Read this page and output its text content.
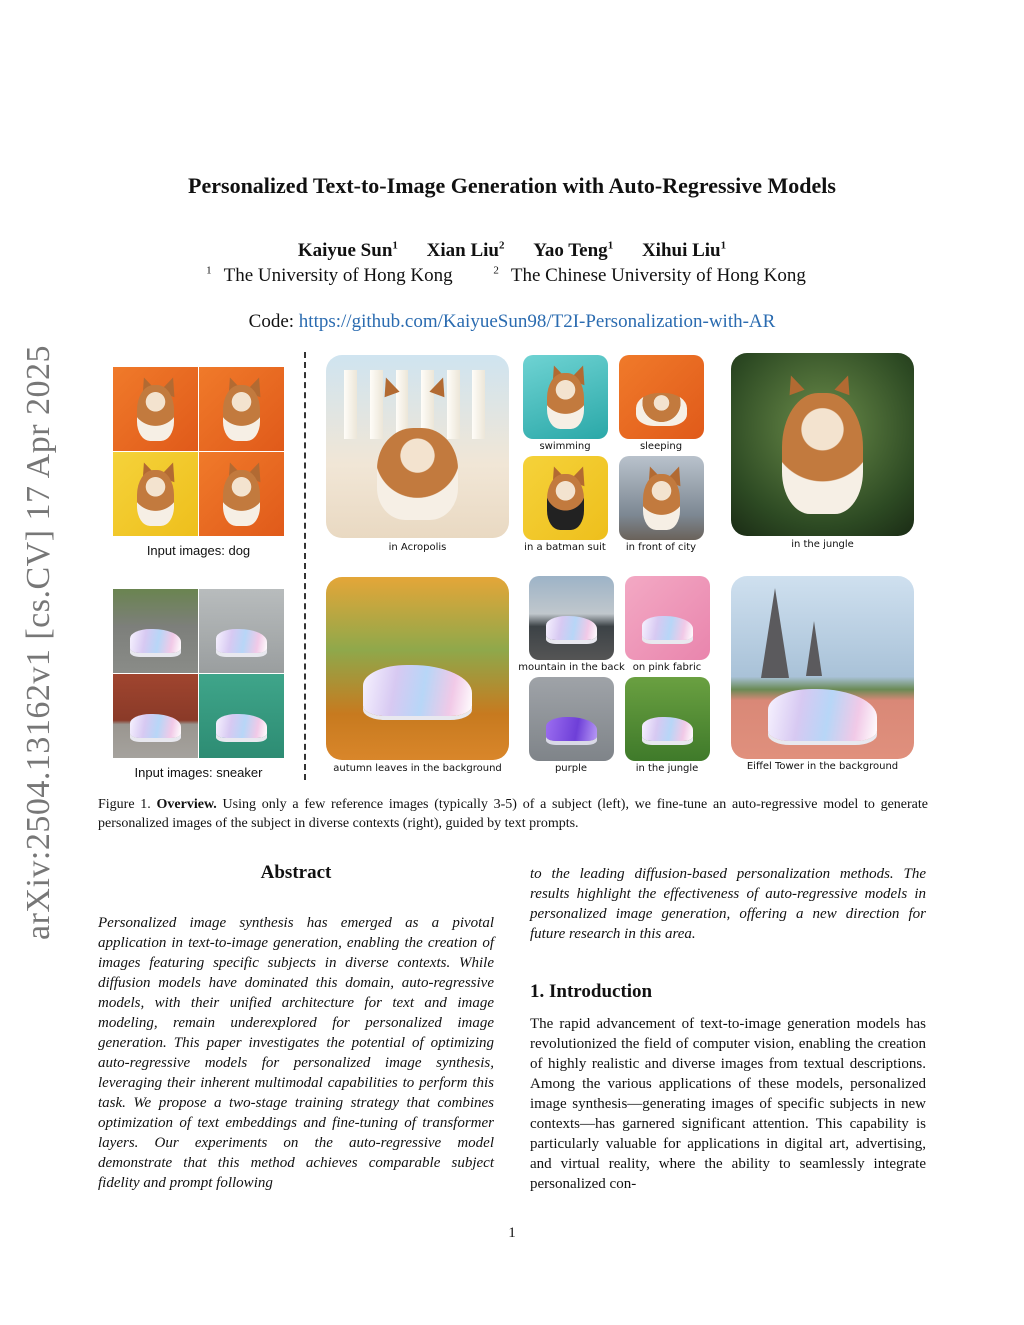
arXiv:2504.13162v1 [cs.CV] 17 Apr 2025
Personalized Text-to-Image Generation with Auto-Regressive Models
Kaiyue Sun$^1$ Xian Liu$^2$ Yao Teng$^1$ Xihui Liu$^1$
$^1$ The University of Hong Kong	$^2$ The Chinese University of Hong Kong
Code: https://github.com/KaiyueSun98/T2I-Personalization-with-AR
Input images: dog
Input images: sneaker
in Acropolis
swimming	sleeping
in a batman suit	in front of city	in the jungle
autumn leaves in the background
mountain in the back on pink fabric
purple	in the jungle	Eiffel Tower in the background
Figure 1. Overview. Using only a few reference images (typically 3-5) of a subject (left), we fine-tune an auto-regressive model to generate personalized images of the subject in diverse contexts (right), guided by text prompts.
Abstract
Personalized image synthesis has emerged as a pivotal application in text-to-image generation, enabling the creation of images featuring specific subjects in diverse contexts. While diffusion models have dominated this domain, auto-regressive models, with their unified architecture for text and image modeling, remain underexplored for personalized image generation. This paper investigates the potential of optimizing auto-regressive models for personalized image synthesis, leveraging their inherent multimodal capabilities to perform this task. We propose a two-stage training strategy that combines optimization of text embeddings and fine-tuning of transformer layers. Our experiments on the auto-regressive model demonstrate that this method achieves comparable subject fidelity and prompt following
to the leading diffusion-based personalization methods. The results highlight the effectiveness of auto-regressive models in personalized image generation, offering a new direction for future research in this area.
1. Introduction
The rapid advancement of text-to-image generation models has revolutionized the field of computer vision, enabling the creation of highly realistic and diverse images from textual descriptions. Among the various applications of these models, personalized image synthesis—generating images of specific subjects in new contexts—has garnered significant attention. This capability is particularly valuable for applications in digital art, advertising, and virtual reality, where the ability to seamlessly integrate personalized con-
1
